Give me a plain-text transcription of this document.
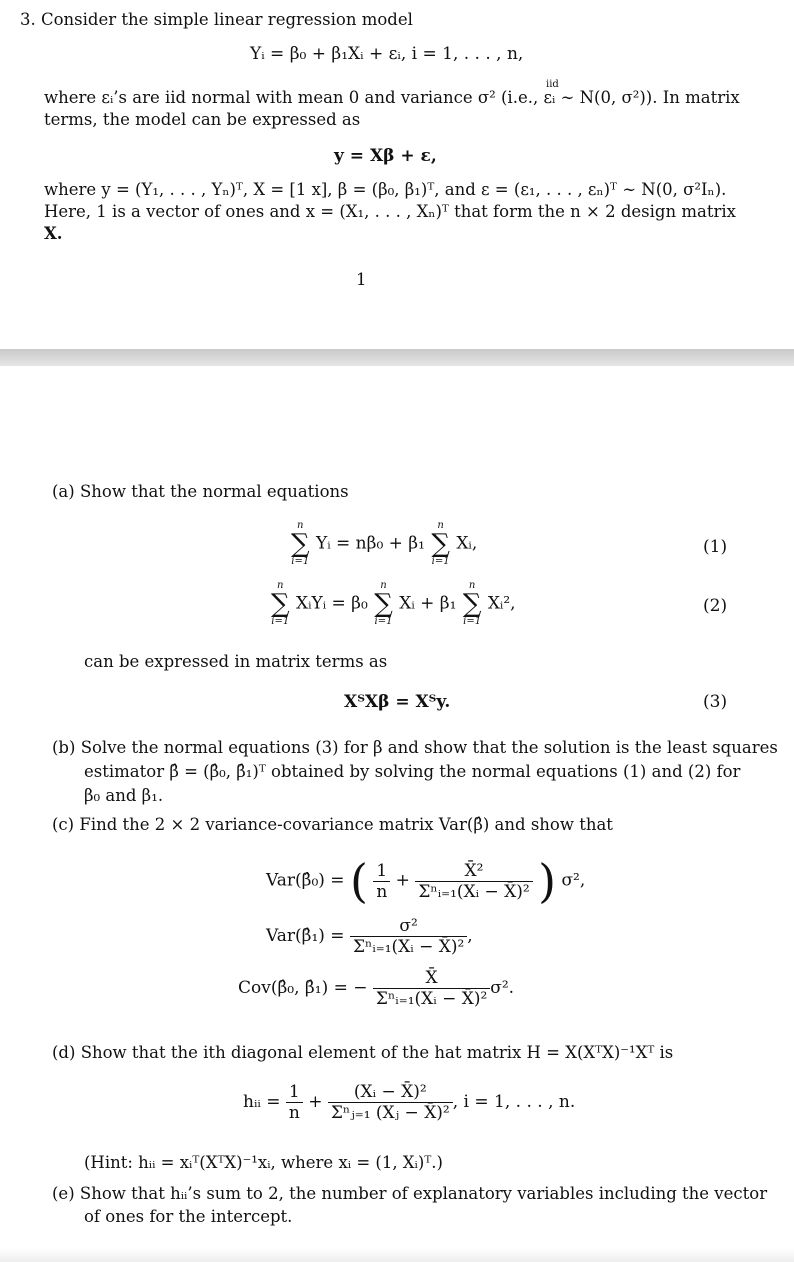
3. Consider the simple linear regression model
Yᵢ = β₀ + β₁Xᵢ + εᵢ, i = 1, . . . , n,
where εᵢ’s are iid normal with mean 0 and variance σ² (i.e., εᵢ ∼ N(0, σ²)). In matrix
iid
terms, the model can be expressed as
y = Xβ + ε,
where y = (Y₁, . . . , Yₙ)ᵀ, X = [1 x], β = (β₀, β₁)ᵀ, and ε = (ε₁, . . . , εₙ)ᵀ ∼ N(0, σ²Iₙ).
Here, 1 is a vector of ones and x = (X₁, . . . , Xₙ)ᵀ that form the n × 2 design matrix
X.
1
(a) Show that the normal equations
n
∑
i=1
Yᵢ = nβ₀ + β₁
n
∑
i=1
Xᵢ,	(1)
n
∑
i=1
XᵢYᵢ = β₀
n
∑
i=1
Xᵢ + β₁
n
∑
i=1
Xᵢ²,	(2)
can be expressed in matrix terms as
XᵀXβ = Xᵀy.	(3)
(b) Solve the normal equations (3) for β and show that the solution is the least squares
estimator β̂ = (β̂₀, β̂₁)ᵀ obtained by solving the normal equations (1) and (2) for
β₀ and β₁.
(c) Find the 2 × 2 variance-covariance matrix Var(β̂) and show that
Var(β̂₀) = ( $\frac{1}{n} + \frac{\text{X̄²}}{\text{Σⁿᵢ₌₁(Xᵢ − X̄)²}}$ ) σ²,
Var(β̂₁) = $\frac{\text{σ²}}{\text{Σⁿᵢ₌₁(Xᵢ − X̄)²}}$ ,
Cov(β̂₀, β̂₁) = − $\frac{X̄}{\text{Σⁿᵢ₌₁(Xᵢ − X̄)²}} \sigma^2$.
(d) Show that the ith diagonal element of the hat matrix H = X(XᵀX)⁻¹Xᵀ is
hᵢᵢ = $\frac{1}{n} + \frac{\text{(Xᵢ − X̄)²}}{\text{Σⁿⱼ₌₁ (Xⱼ − X̄)²}}$ , i = 1, . . . , n.
(Hint: hᵢᵢ = xᵢᵀ(XᵀX)⁻¹xᵢ, where xᵢ = (1, Xᵢ)ᵀ.)
(e) Show that hᵢᵢ’s sum to 2, the number of explanatory variables including the vector
of ones for the intercept.
